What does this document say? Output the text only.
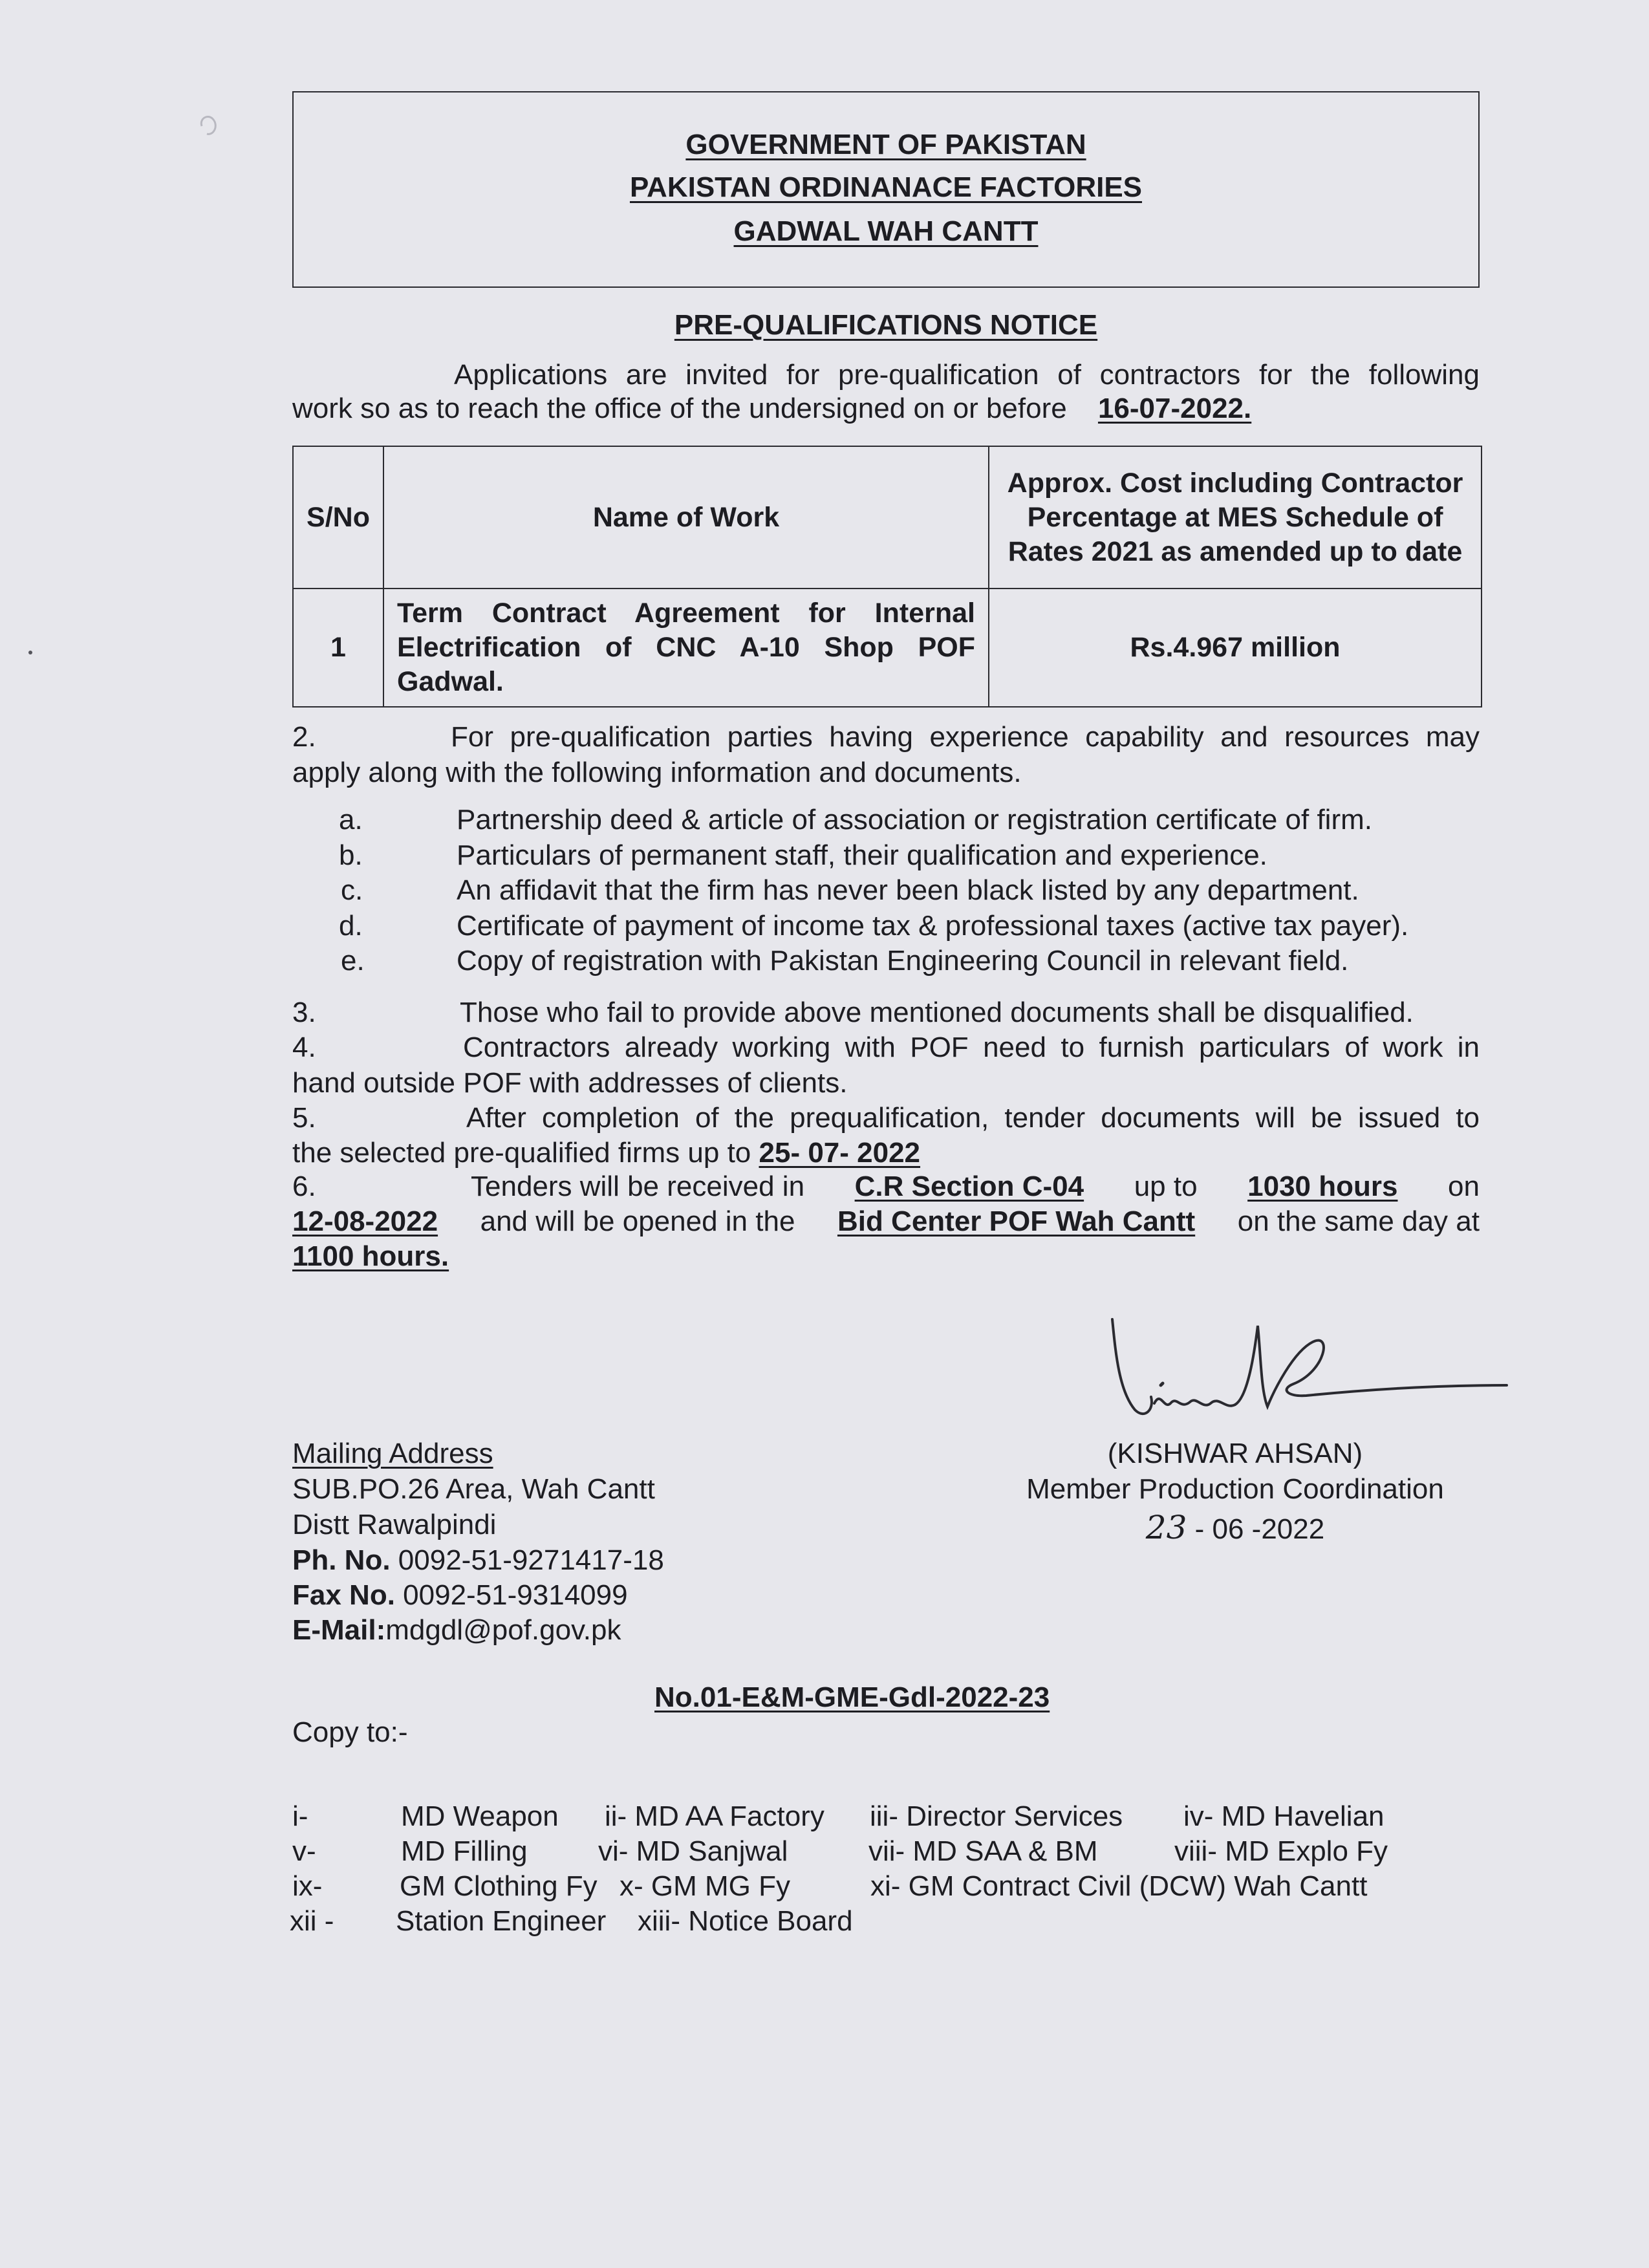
GOVERNMENT OF PAKISTAN
PAKISTAN ORDINANACE FACTORIES
GADWAL WAH CANTT
PRE-QUALIFICATIONS NOTICE
Applications are invited for pre-qualification of contractors for the following
work so as to reach the office of the undersigned on or before 16-07-2022.
S/No	Name of Work	Approx. Cost including Contractor Percentage at MES Schedule of Rates 2021 as amended up to date
1	Term Contract Agreement for Internal Electrification of CNC A-10 Shop POF Gadwal.	Rs.4.967 million
2.	For pre-qualification parties having experience capability and resources may
apply along with the following information and documents.
a.	Partnership deed & article of association or registration certificate of firm.
b.	Particulars of permanent staff, their qualification and experience.
c.	An affidavit that the firm has never been black listed by any department.
d.	Certificate of payment of income tax & professional taxes (active tax payer).
e.	Copy of registration with Pakistan Engineering Council in relevant field.
3.	Those who fail to provide above mentioned documents shall be disqualified.
4.	Contractors already working with POF need to furnish particulars of work in
hand outside POF with addresses of clients.
5.	After completion of the prequalification, tender documents will be issued to
the selected pre-qualified firms up to 25- 07- 2022
6.	Tenders will be received in C.R Section C-04 up to 1030 hours on
12-08-2022 and will be opened in the Bid Center POF Wah Cantt on the same day at
1100 hours.
(KISHWAR AHSAN)
Member Production Coordination
23 - 06 -2022
Mailing Address
SUB.PO.26 Area, Wah Cantt
Distt Rawalpindi
Ph. No. 0092-51-9271417-18
Fax No. 0092-51-9314099
E-Mail:mdgdl@pof.gov.pk
No.01-E&M-GME-Gdl-2022-23
Copy to:-
i-	MD Weapon ii- MD AA Factory iii- Director Services iv- MD Havelian
v-	MD Filling vi- MD Sanjwal	vii- MD SAA & BM	viii- MD Explo Fy
ix-	GM Clothing Fy x- GM MG Fy	xi- GM Contract Civil (DCW) Wah Cantt
xii - Station Engineer xiii- Notice Board
